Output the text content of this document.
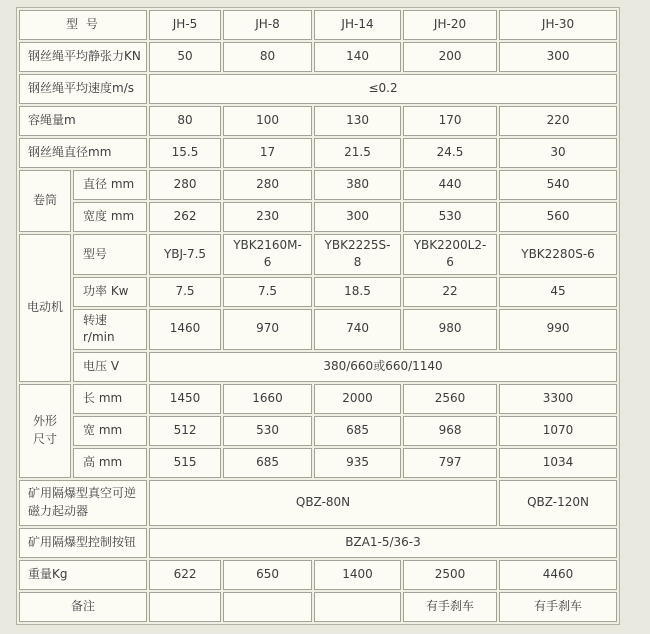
型 号		JH-5	JH-8	JH-14	JH-20	JH-30
钢丝绳平均静张力KN		50	80	140	200	300
钢丝绳平均速度m/s		≤0.2				
容绳量m		80	100	130	170	220
钢丝绳直径mm		15.5	17	21.5	24.5	30
卷筒	直径 mm	280	280	380	440	540
	宽度 mm	262	230	300	530	560
电动机	型号	YBJ-7.5	YBK2160M-6	YBK2225S-8	YBK2200L2-6	YBK2280S-6
	功率 Kw	7.5	7.5	18.5	22	45
	转速 r/min	1460	970	740	980	990
	电压 V	380/660或660/1140				

外形尺寸	长 mm	1450	1660	2000	2560	3300
	宽 mm	512	530	685	968	1070
	高 mm	515	685	935	797	1034
矿用隔爆型真空可逆磁力起动器		QBZ-80N				QBZ-120N
矿用隔爆型控制按钮		BZA1-5/36-3				
重量Kg		622	650	1400	2500	4460
备注					有手刹车	有手刹车
